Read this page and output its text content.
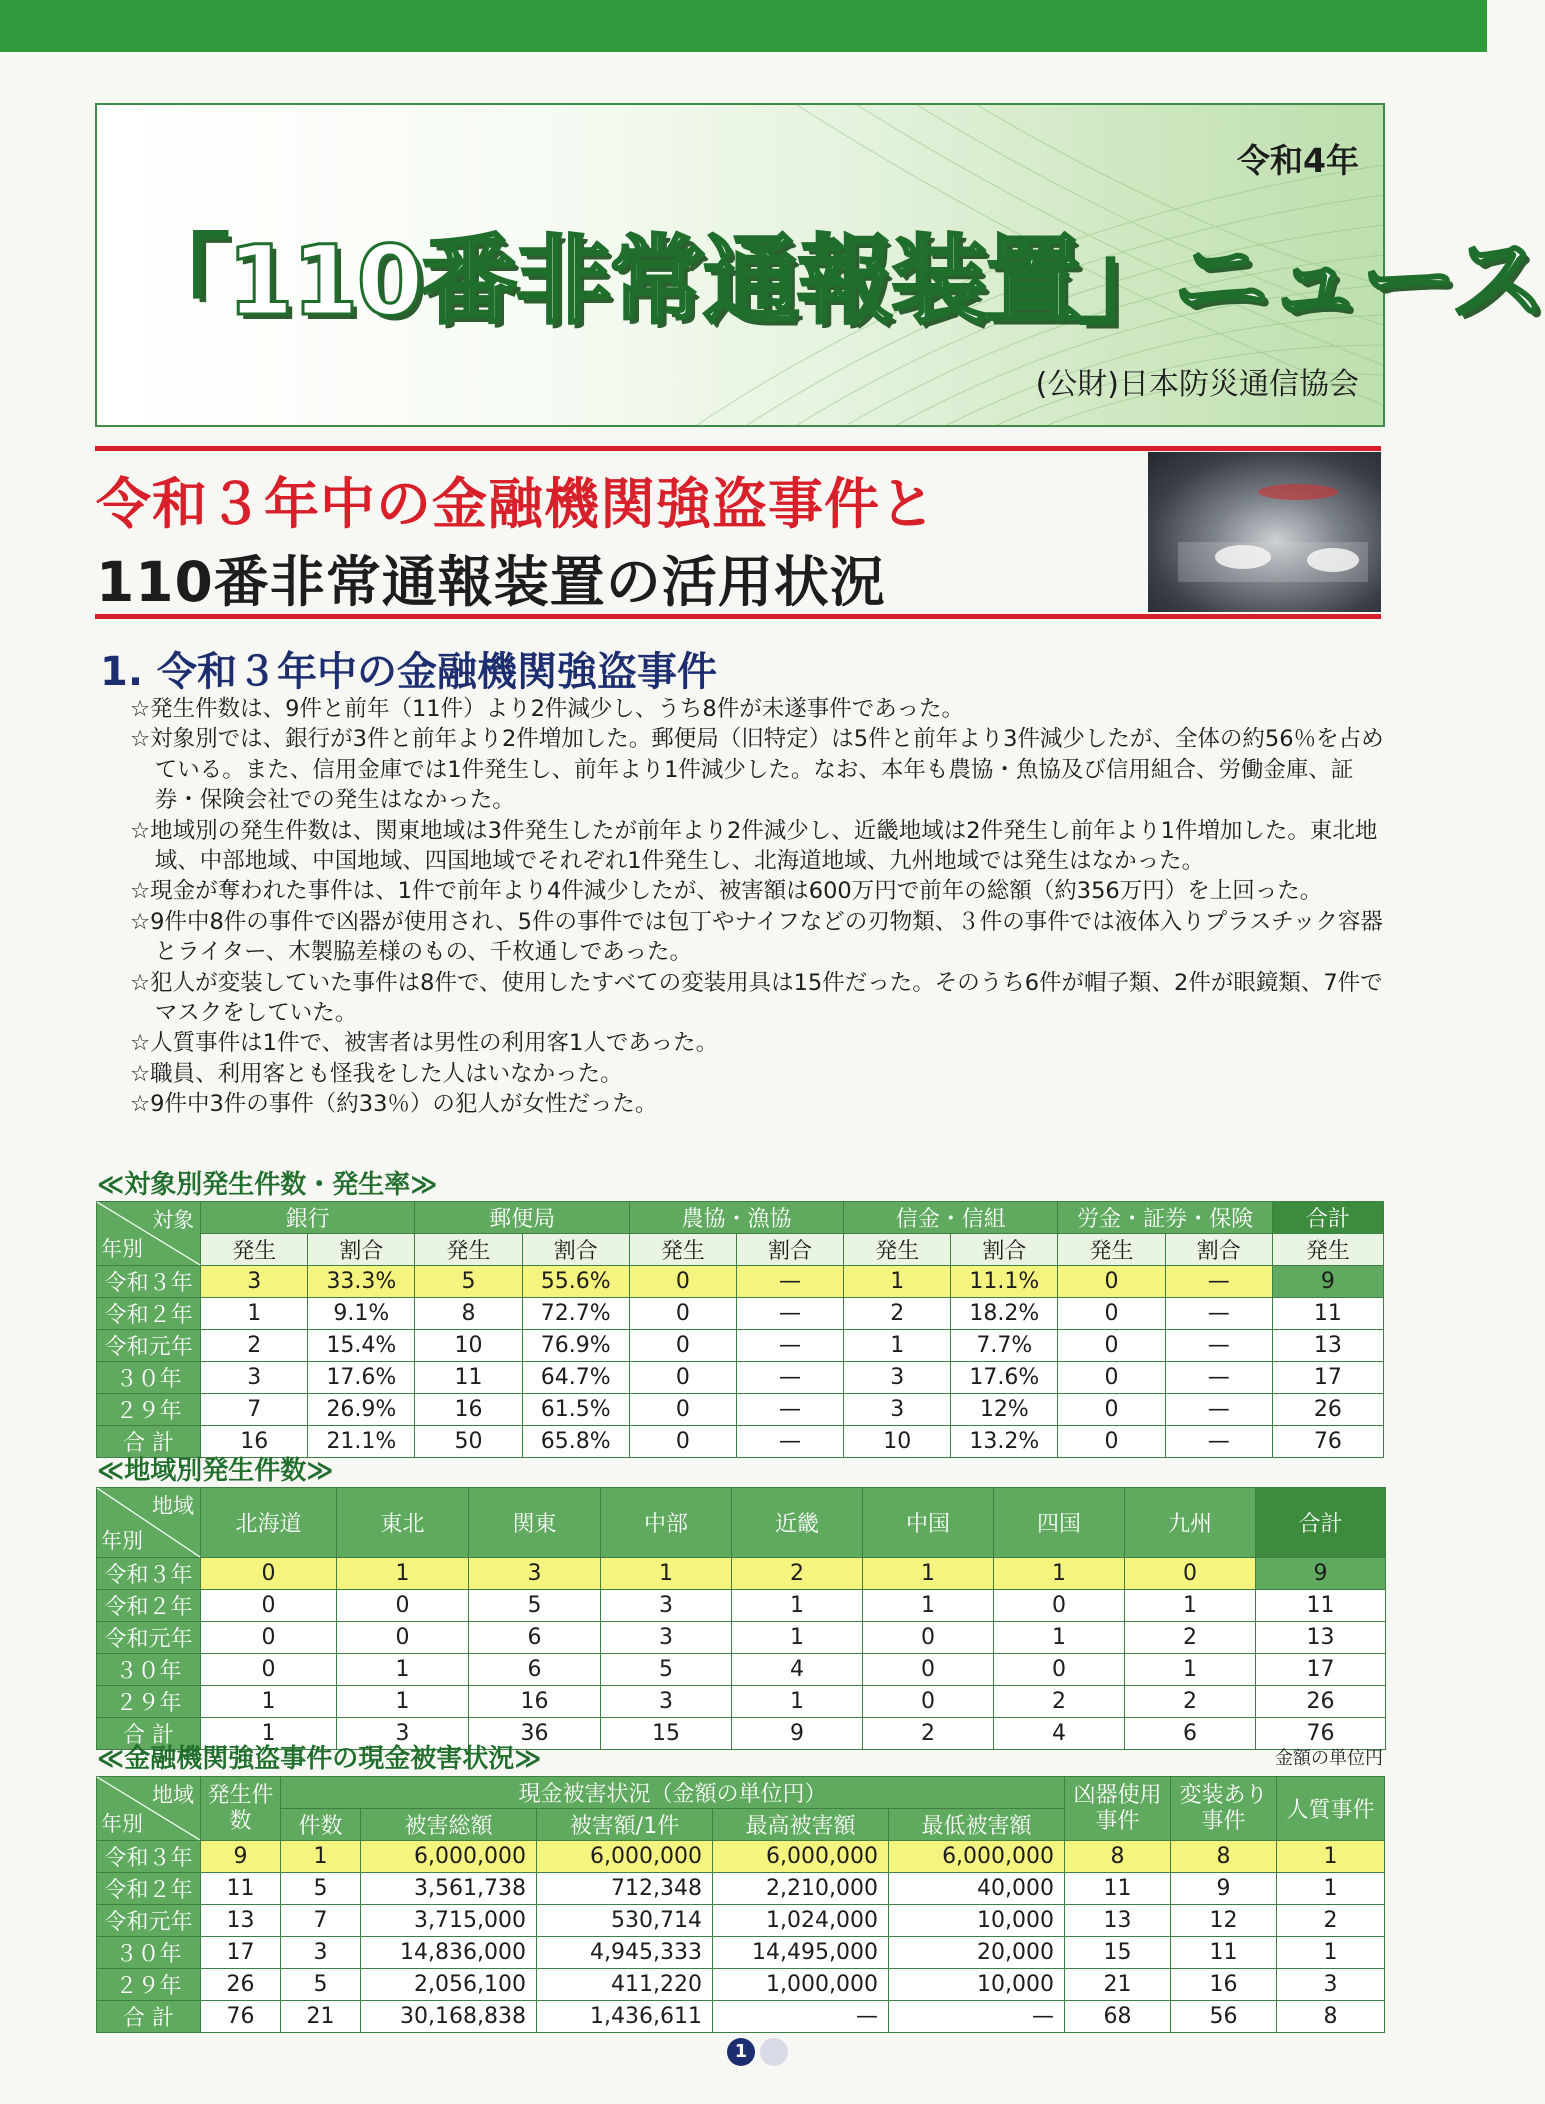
令和4年
「110番非常通報装置」ニュース
(公財)日本防災通信協会
令和３年中の金融機関強盗事件と
110番非常通報装置の活用状況
1. 令和３年中の金融機関強盗事件
☆発生件数は、9件と前年（11件）より2件減少し、うち8件が未遂事件であった。
☆対象別では、銀行が3件と前年より2件増加した。郵便局（旧特定）は5件と前年より3件減少したが、全体の約56％を占めている。また、信用金庫では1件発生し、前年より1件減少した。なお、本年も農協・魚協及び信用組合、労働金庫、証券・保険会社での発生はなかった。
☆地域別の発生件数は、関東地域は3件発生したが前年より2件減少し、近畿地域は2件発生し前年より1件増加した。東北地域、中部地域、中国地域、四国地域でそれぞれ1件発生し、北海道地域、九州地域では発生はなかった。
☆現金が奪われた事件は、1件で前年より4件減少したが、被害額は600万円で前年の総額（約356万円）を上回った。
☆9件中8件の事件で凶器が使用され、5件の事件では包丁やナイフなどの刃物類、３件の事件では液体入りプラスチック容器とライター、木製脇差様のもの、千枚通しであった。
☆犯人が変装していた事件は8件で、使用したすべての変装用具は15件だった。そのうち6件が帽子類、2件が眼鏡類、7件でマスクをしていた。
☆人質事件は1件で、被害者は男性の利用客1人であった。
☆職員、利用客とも怪我をした人はいなかった。
☆9件中3件の事件（約33％）の犯人が女性だった。
≪対象別発生件数・発生率≫
対象
年別	銀行		郵便局		農協・漁協		信金・信組		労金・証券・保険		合計
	発生	割合	発生	割合	発生	割合	発生	割合	発生	割合	発生
令和３年	3	33.3%	5	55.6%	0	—	1	11.1%	0	—	9
令和２年	1	9.1%	8	72.7%	0	—	2	18.2%	0	—	11
令和元年	2	15.4%	10	76.9%	0	—	1	7.7%	0	—	13
３０年	3	17.6%	11	64.7%	0	—	3	17.6%	0	—	17
２９年	7	26.9%	16	61.5%	0	—	3	12%	0	—	26
合 計	16	21.1%	50	65.8%	0	—	10	13.2%	0	—	76
≪地域別発生件数≫
地域
年別	北海道	東北	関東	中部	近畿	中国	四国	九州	合計
令和３年	0	1	3	1	2	1	1	0	9
令和２年	0	0	5	3	1	1	0	1	11
令和元年	0	0	6	3	1	0	1	2	13
３０年	0	1	6	5	4	0	0	1	17
２９年	1	1	16	3	1	0	2	2	26
合 計	1	3	36	15	9	2	4	6	76
≪金融機関強盗事件の現金被害状況≫	金額の単位円
地域
年別	発生件数	現金被害状況（金額の単位円）					凶器使用事件	変装あり事件	人質事件
		件数	被害総額	被害額/1件	最高被害額	最低被害額			
令和３年	9	1	6,000,000	6,000,000	6,000,000	6,000,000	8	8	1
令和２年	11	5	3,561,738	712,348	2,210,000	40,000	11	9	1
令和元年	13	7	3,715,000	530,714	1,024,000	10,000	13	12	2
３０年	17	3	14,836,000	4,945,333	14,495,000	20,000	15	11	1
２９年	26	5	2,056,100	411,220	1,000,000	10,000	21	16	3
合 計	76	21	30,168,838	1,436,611	—	—	68	56	8
1
